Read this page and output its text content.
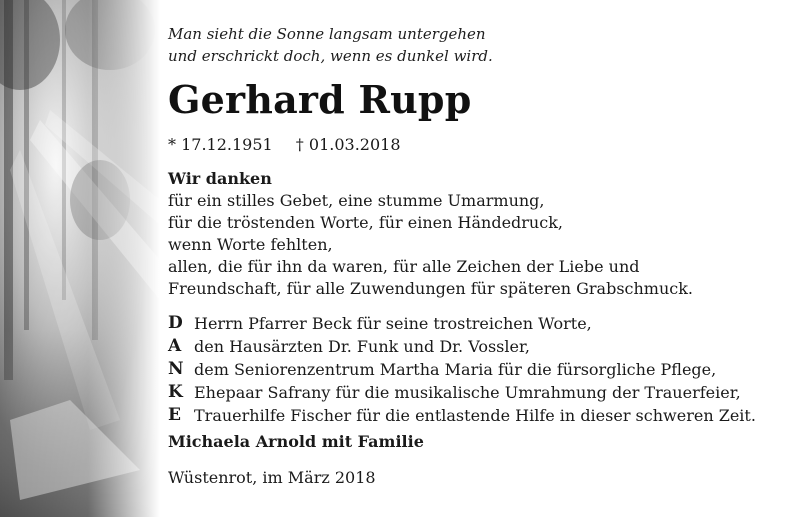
Man sieht die Sonne langsam untergehen
und erschrickt doch, wenn es dunkel wird.
Gerhard Rupp
* 17.12.1951 † 01.03.2018
Wir danken
für ein stilles Gebet, eine stumme Umarmung,
für die tröstenden Worte, für einen Händedruck,
wenn Worte fehlten,
allen, die für ihn da waren, für alle Zeichen der Liebe und
Freundschaft, für alle Zuwendungen für späteren Grabschmuck.
D Herrn Pfarrer Beck für seine trostreichen Worte,
A den Hausärzten Dr. Funk und Dr. Vossler,
N dem Seniorenzentrum Martha Maria für die fürsorgliche Pflege,
K Ehepaar Safrany für die musikalische Umrahmung der Trauerfeier,
E Trauerhilfe Fischer für die entlastende Hilfe in dieser schweren Zeit.
Michaela Arnold mit Familie
Wüstenrot, im März 2018
